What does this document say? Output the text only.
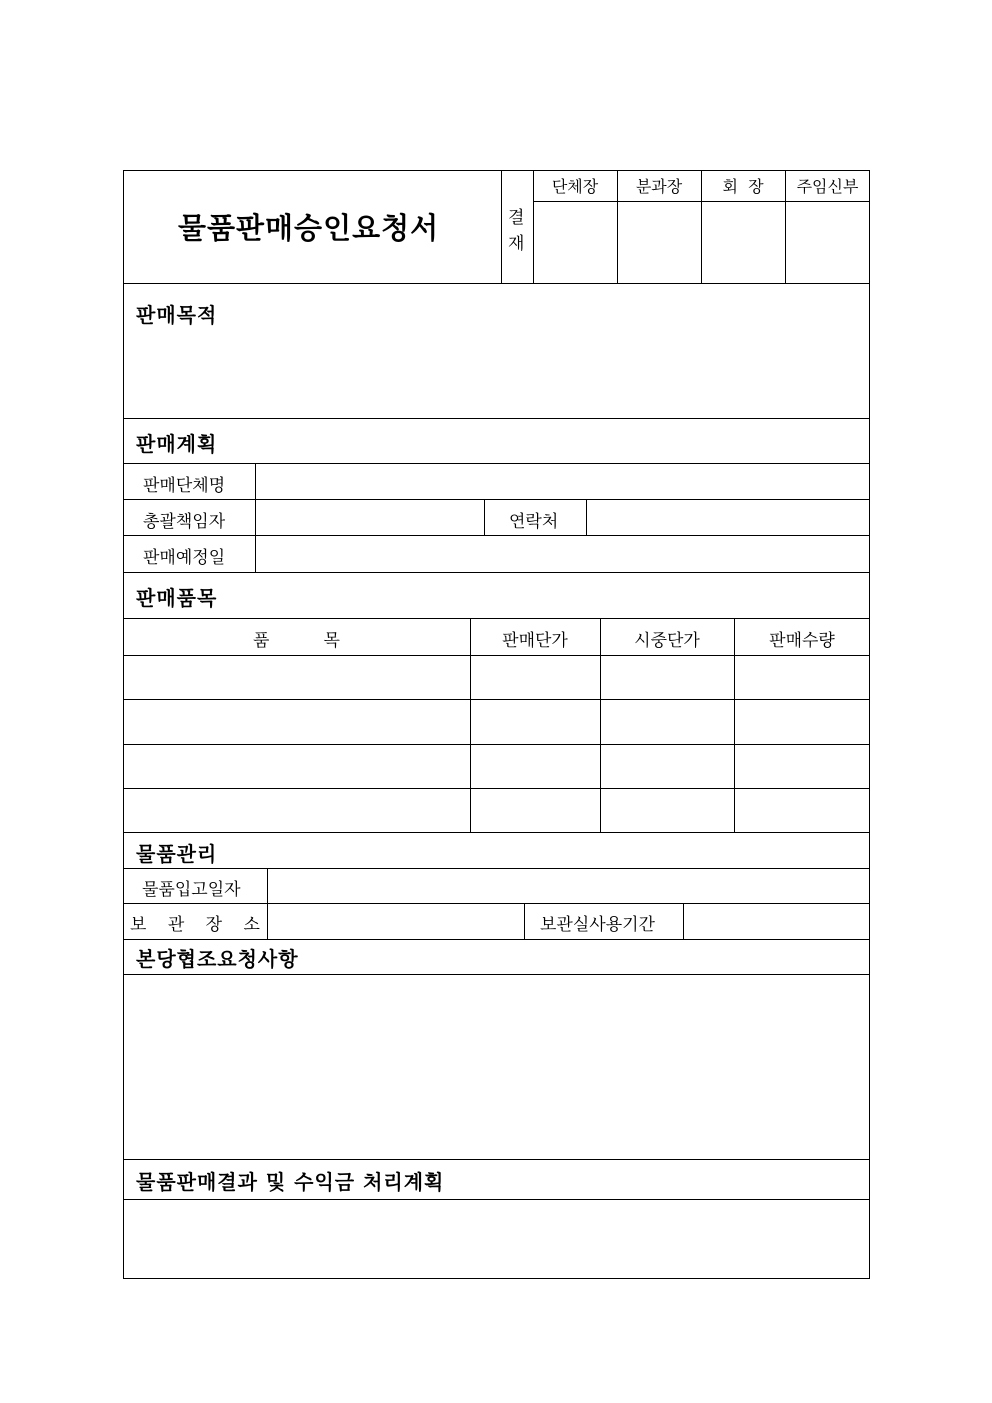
물품판매승인요청서	결
재
단체장	분과장	회  장	주임신부
판매목적
판매계획
판매단체명
총괄책임자	연락처
판매예정일
판매품목
품          목	판매단가	시중단가	판매수량
물품관리
물품입고일자
보 관 장 소	보관실사용기간
본당협조요청사항
물품판매결과 및 수익금 처리계획
